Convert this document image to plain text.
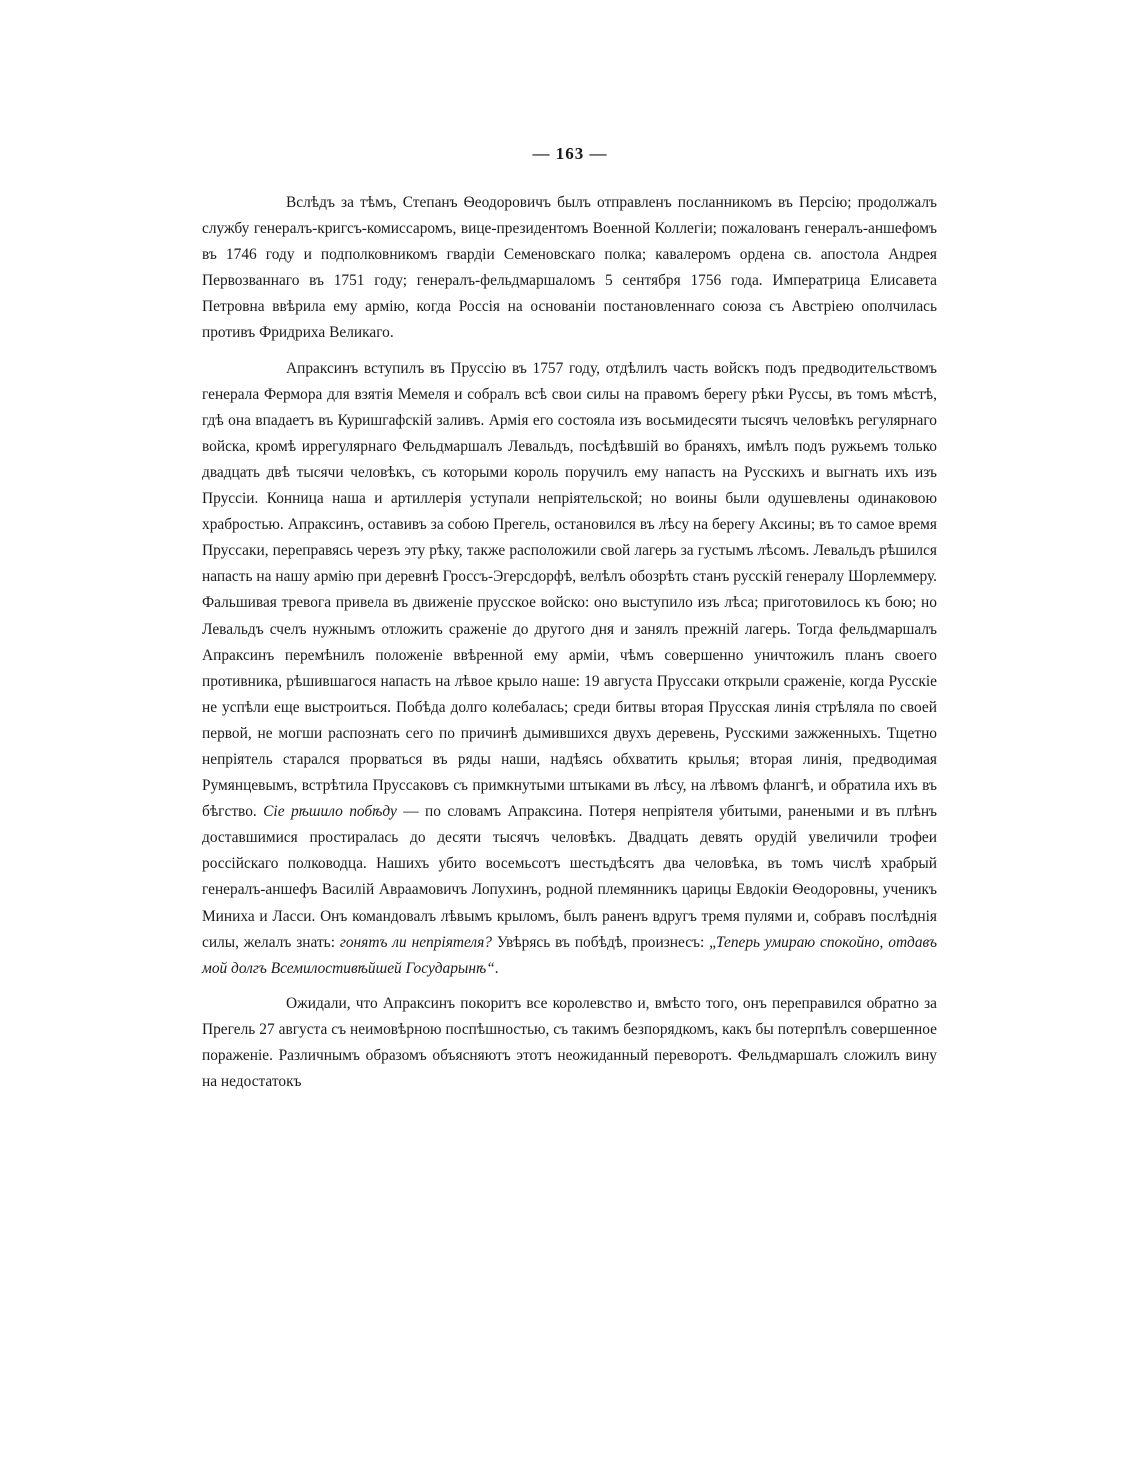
— 163 —

Вслѣдъ за тѣмъ, Степанъ Ѳеодоровичъ былъ отправленъ посланникомъ въ Персію; продолжалъ службу генералъ-кригсъ-комиссаромъ, вице-президентомъ Военной Коллегіи; пожалованъ генералъ-аншефомъ въ 1746 году и подполковникомъ гвардіи Семеновскаго полка; кавалеромъ ордена св. апостола Андрея Первозваннаго въ 1751 году; генералъ-фельдмаршаломъ 5 сентября 1756 года. Императрица Елисавета Петровна ввѣрила ему армію, когда Россія на основаніи постановленнаго союза съ Австріею ополчилась противъ Фридриха Великаго.

Апраксинъ вступилъ въ Пруссію въ 1757 году, отдѣлилъ часть войскъ подъ предводительствомъ генерала Фермора для взятія Мемеля и собралъ всѣ свои силы на правомъ берегу рѣки Руссы, въ томъ мѣстѣ, гдѣ она впадаетъ въ Куришгафскій заливъ. Армія его состояла изъ восьмидесяти тысячъ человѣкъ регулярнаго войска, кромѣ иррегулярнаго Фельдмаршалъ Левальдъ, посѣдѣвшій во браняхъ, имѣлъ подъ ружьемъ только двадцать двѣ тысячи человѣкъ, съ которыми король поручилъ ему напасть на Русскихъ и выгнать ихъ изъ Пруссіи. Конница наша и артиллерія уступали непріятельской; но воины были одушевлены одинаковою храбростью. Апраксинъ, оставивъ за собою Прегель, остановился въ лѣсу на берегу Аксины; въ то самое время Пруссаки, переправясь черезъ эту рѣку, также расположили свой лагерь за густымъ лѣсомъ. Левальдъ рѣшился напасть на нашу армію при деревнѣ Гроссъ-Эгерсдорфѣ, велѣлъ обозрѣть станъ русскій генералу Шорлеммеру. Фальшивая тревога привела въ движеніе прусское войско: оно выступило изъ лѣса; приготовилось къ бою; но Левальдъ счелъ нужнымъ отложить сраженіе до другого дня и занялъ прежній лагерь. Тогда фельдмаршалъ Апраксинъ перемѣнилъ положеніе ввѣренной ему арміи, чѣмъ совершенно уничтожилъ планъ своего противника, рѣшившагося напасть на лѣвое крыло наше: 19 августа Пруссаки открыли сраженіе, когда Русскіе не успѣли еще выстроиться. Побѣда долго колебалась; среди битвы вторая Прусская линія стрѣляла по своей первой, не могши распознать сего по причинѣ дымившихся двухъ деревень, Русскими зажженныхъ. Тщетно непріятель старался прорваться въ ряды наши, надѣясь обхватить крылья; вторая линія, предводимая Румянцевымъ, встрѣтила Пруссаковъ съ примкнутыми штыками въ лѣсу, на лѣвомъ флангѣ, и обратила ихъ въ бѣгство. Сіе рѣшило побѣду — по словамъ Апраксина. Потеря непріятеля убитыми, ранеными и въ плѣнъ доставшимися простиралась до десяти тысячъ человѣкъ. Двадцать девять орудій увеличили трофеи россійскаго полководца. Нашихъ убито восемьсотъ шестьдѣсятъ два человѣка, въ томъ числѣ храбрый генералъ-аншефъ Василій Авраамовичъ Лопухинъ, родной племянникъ царицы Евдокіи Ѳеодоровны, ученикъ Миниха и Ласси. Онъ командовалъ лѣвымъ крыломъ, былъ раненъ вдругъ тремя пулями и, собравъ послѣднія силы, желалъ знать: гонятъ ли непріятеля? Увѣрясь въ побѣдѣ, произнесъ: „Теперь умираю спокойно, отдавъ мой долгъ Всемилостивѣйшей Государынѣ“.

Ожидали, что Апраксинъ покоритъ все королевство и, вмѣсто того, онъ переправился обратно за Прегель 27 августа съ неимовѣрною поспѣшностью, съ такимъ безпорядкомъ, какъ бы потерпѣлъ совершенное пораженіе. Различнымъ образомъ объясняютъ этотъ неожиданный переворотъ. Фельдмаршалъ сложилъ вину на недостатокъ
